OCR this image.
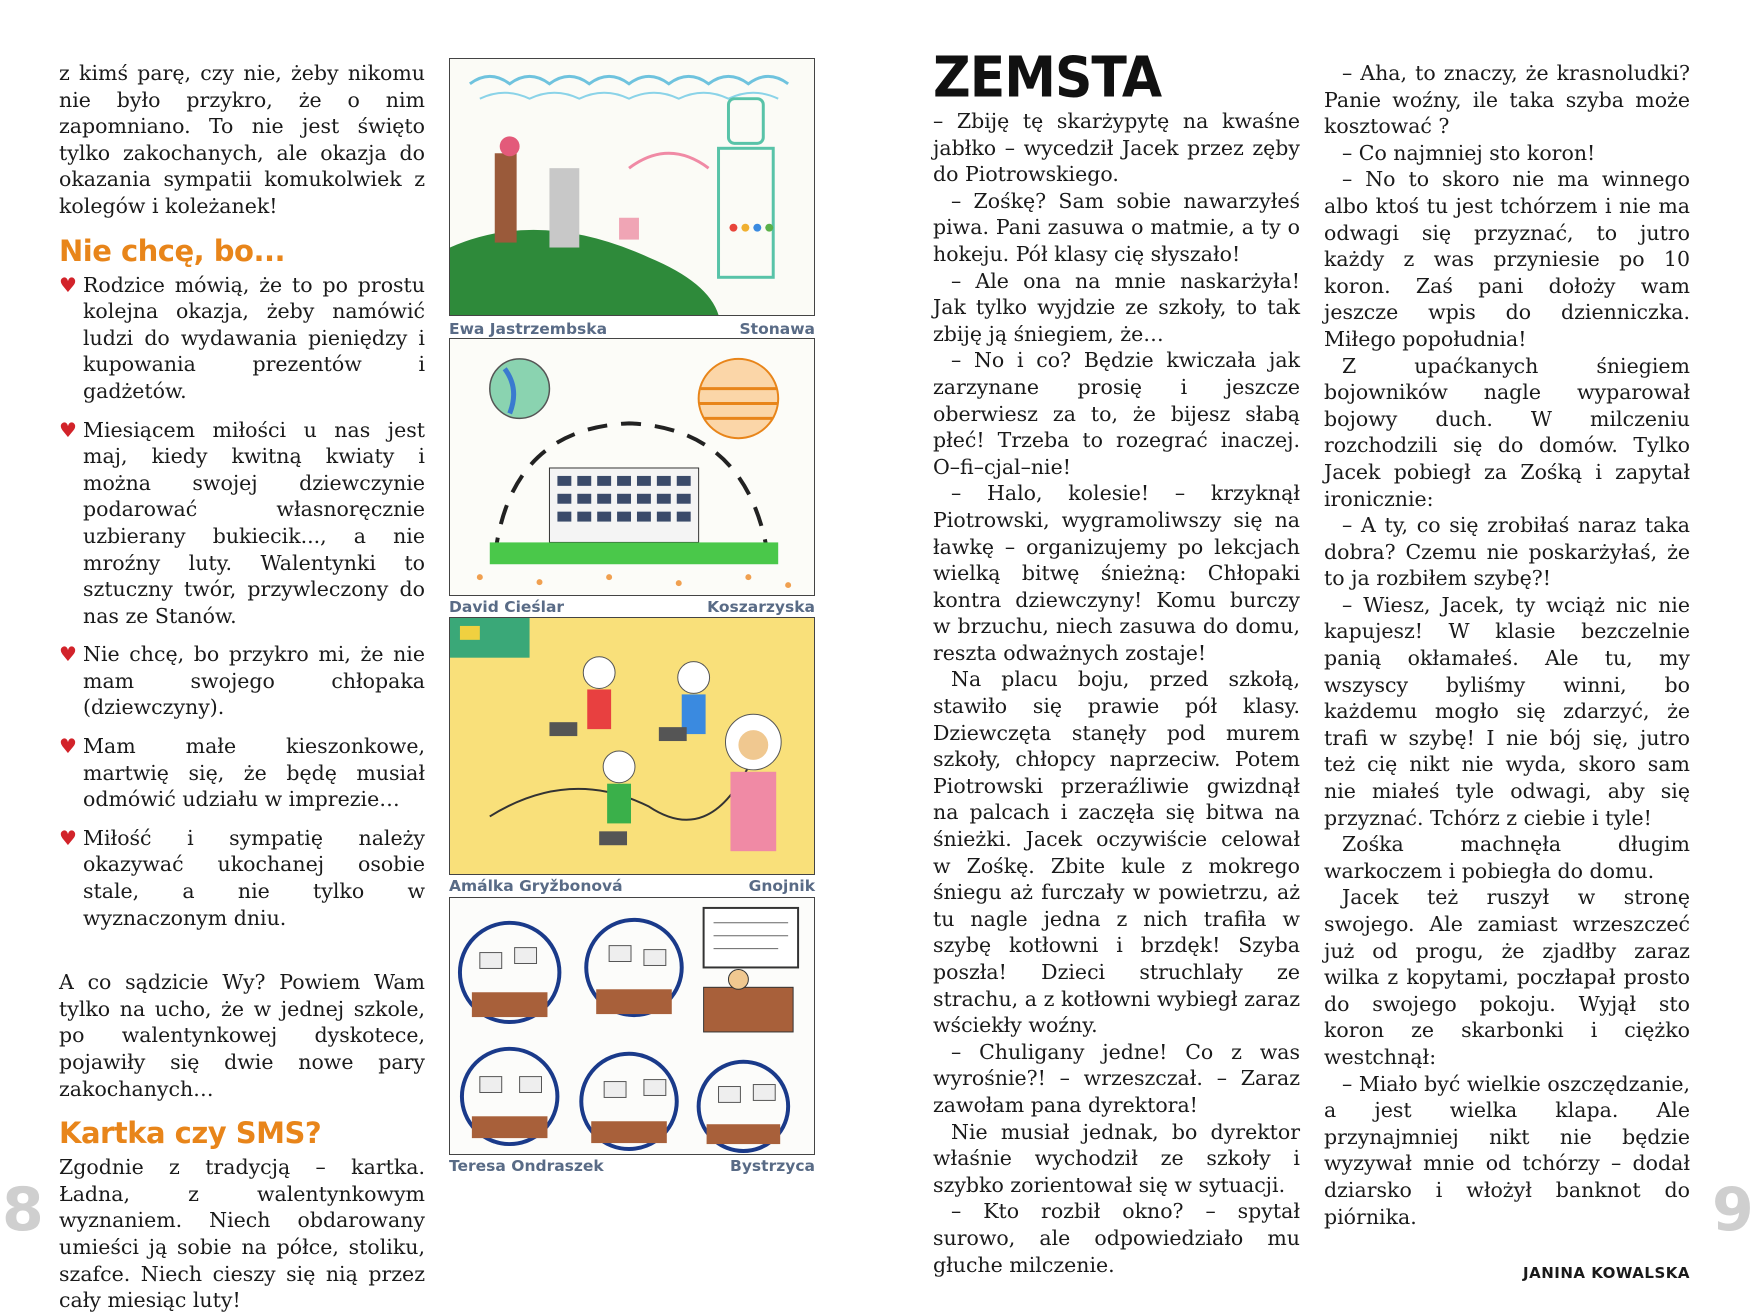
z kimś parę, czy nie, żeby nikomu nie było przykro, że o nim zapomniano. To nie jest święto tylko zakochanych, ale okazja do okazania sympatii komukolwiek z kolegów i koleżanek!

Nie chcę, bo...
♥ Rodzice mówią, że to po prostu kolejna okazja, żeby namówić ludzi do wydawania pieniędzy i kupowania prezentów i gadżetów.
♥ Miesiącem miłości u nas jest maj, kiedy kwitną kwiaty i można swojej dziewczynie podarować własnoręcznie uzbierany bukiecik..., a nie mroźny luty. Walentynki to sztuczny twór, przywleczony do nas ze Stanów.
♥ Nie chcę, bo przykro mi, że nie mam swojego chłopaka (dziewczyny).
♥ Mam małe kieszonkowe, martwię się, że będę musiał odmówić udziału w imprezie…
♥ Miłość i sympatię należy okazywać ukochanej osobie stale, a nie tylko w wyznaczonym dniu.

A co sądzicie Wy? Powiem Wam tylko na ucho, że w jednej szkole, po walentynkowej dyskotece, pojawiły się dwie nowe pary zakochanych…

Kartka czy SMS?

Zgodnie z tradycją – kartka. Ładna, z walentynkowym wyznaniem. Niech obdarowany umieści ją sobie na półce, stoliku, szafce. Niech cieszy się nią przez cały miesiąc luty!

Ewa Jastrzembska	Stonawa
David Cieślar	Koszarzyska
Amálka Gryžbonová	Gnojnik
Teresa Ondraszek	Bystrzyca
ZEMSTA

– Zbiję tę skarżypytę na kwaśne jabłko – wycedził Jacek przez zęby do Piotrowskiego.

– Zośkę? Sam sobie nawarzyłeś piwa. Pani zasuwa o matmie, a ty o hokeju. Pół klasy cię słyszało!

– Ale ona na mnie naskarżyła! Jak tylko wyjdzie ze szkoły, to tak zbiję ją śniegiem, że…

– No i co? Będzie kwiczała jak zarzynane prosię i jeszcze oberwiesz za to, że bijesz słabą płeć! Trzeba to rozegrać inaczej. O–fi–cjal–nie!

– Halo, kolesie! – krzyknął Piotrowski, wygramoliwszy się na ławkę – organizujemy po lekcjach wielką bitwę śnieżną: Chłopaki kontra dziewczyny! Komu burczy w brzuchu, niech zasuwa do domu, reszta odważnych zostaje!

Na placu boju, przed szkołą, stawiło się prawie pół klasy. Dziewczęta stanęły pod murem szkoły, chłopcy naprzeciw. Potem Piotrowski przeraźliwie gwizdnął na palcach i zaczęła się bitwa na śnieżki. Jacek oczywiście celował w Zośkę. Zbite kule z mokrego śniegu aż furczały w powietrzu, aż tu nagle jedna z nich trafiła w szybę kotłowni i brzdęk! Szyba poszła! Dzieci struchlały ze strachu, a z kotłowni wybiegł zaraz wściekły woźny.

– Chuligany jedne! Co z was wyrośnie?! – wrzeszczał. – Zaraz zawołam pana dyrektora!

Nie musiał jednak, bo dyrektor właśnie wychodził ze szkoły i szybko zorientował się w sytuacji.

– Kto rozbił okno? – spytał surowo, ale odpowiedziało mu głuche milczenie.

– Aha, to znaczy, że krasnoludki? Panie woźny, ile taka szyba może kosztować ?

– Co najmniej sto koron!

– No to skoro nie ma winnego albo ktoś tu jest tchórzem i nie ma odwagi się przyznać, to jutro każdy z was przyniesie po 10 koron. Zaś pani dołoży wam jeszcze wpis do dzienniczka. Miłego popołudnia!

Z upaćkanych śniegiem bojowników nagle wyparował bojowy duch. W milczeniu rozchodzili się do domów. Tylko Jacek pobiegł za Zośką i zapytał ironicznie:

– A ty, co się zrobiłaś naraz taka dobra? Czemu nie poskarżyłaś, że to ja rozbiłem szybę?!

– Wiesz, Jacek, ty wciąż nic nie kapujesz! W klasie bezczelnie panią okłamałeś. Ale tu, my wszyscy byliśmy winni, bo każdemu mogło się zdarzyć, że trafi w szybę! I nie bój się, jutro też cię nikt nie wyda, skoro sam nie miałeś tyle odwagi, aby się przyznać. Tchórz z ciebie i tyle!

Zośka machnęła długim warkoczem i pobiegła do domu.

Jacek też ruszył w stronę swojego. Ale zamiast wrzeszczeć już od progu, że zjadłby zaraz wilka z kopytami, poczłapał prosto do swojego pokoju. Wyjął sto koron ze skarbonki i ciężko westchnął:

– Miało być wielkie oszczędzanie, a jest wielka klapa. Ale przynajmniej nikt nie będzie wyzywał mnie od tchórzy – dodał dziarsko i włożył banknot do piórnika.

JANINA KOWALSKA
8	9
